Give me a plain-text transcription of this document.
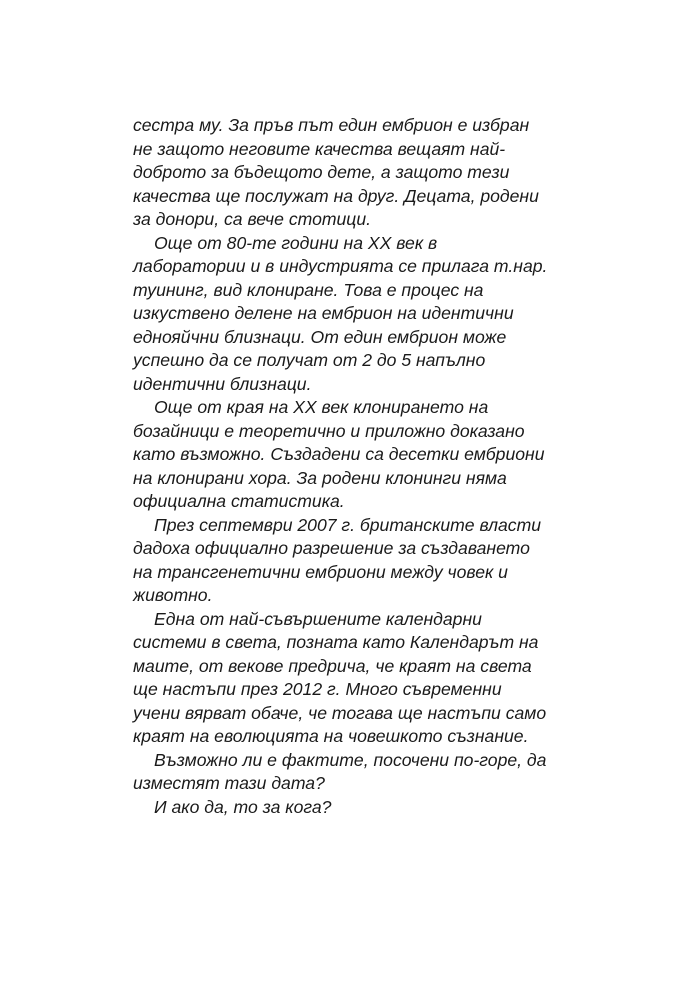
сестра му. За пръв път един ембрион е избран
не защото неговите качества вещаят най-
доброто за бъдещото дете, а защото тези
качества ще послужат на друг. Децата, родени
за донори, са вече стотици.
Още от 80-те години на XX век в
лаборатории и в индустрията се прилага т.нар.
туининг, вид клониране. Това е процес на
изкуствено делене на ембрион на идентични
еднояйчни близнаци. От един ембрион може
успешно да се получат от 2 до 5 напълно
идентични близнаци.
Още от края на XX век клонирането на
бозайници е теоретично и приложно доказано
като възможно. Създадени са десетки ембриони
на клонирани хора. За родени клонинги няма
официална статистика.
През септември 2007 г. британските власти
дадоха официално разрешение за създаването
на трансгенетични ембриони между човек и
животно.
Една от най-съвършените календарни
системи в света, позната като Календарът на
маите, от векове предрича, че краят на света
ще настъпи през 2012 г. Много съвременни
учени вярват обаче, че тогава ще настъпи само
краят на еволюцията на човешкото съзнание.
Възможно ли е фактите, посочени по-горе, да
изместят тази дата?
И ако да, то за кога?
